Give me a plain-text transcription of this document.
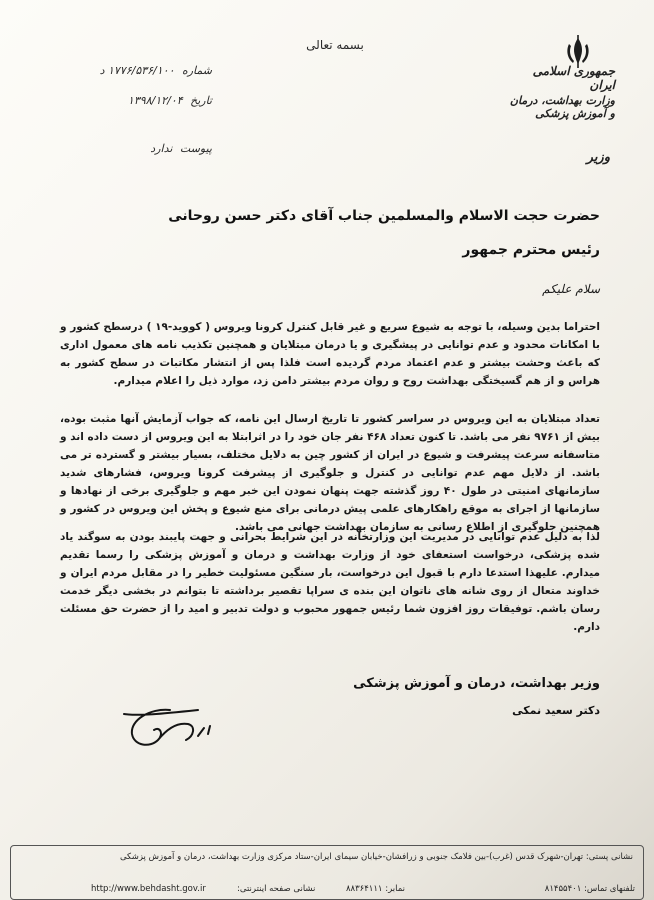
بسمه تعالی
شماره ۱۷۷۶/۵۳۶/۱۰۰ د
تاریخ ۱۳۹۸/۱۲/۰۴
پیوست ندارد
جمهوری اسلامی ایران
وزارت بهداشت، درمان و آموزش پزشکی
وزیر
حضرت حجت الاسلام والمسلمین جناب آقای دکتر حسن روحانی
رئیس محترم جمهور
سلام علیکم
احتراما بدین وسیله، با توجه به شیوع سریع و غیر قابل کنترل کرونا ویروس ( کووید-۱۹ ) درسطح کشور و با امکانات محدود و عدم توانایی در پیشگیری و یا درمان مبتلایان و همچنین تکذیب نامه های معمول اداری که باعث وحشت بیشتر و عدم اعتماد مردم گردیده است فلذا پس از انتشار مکاتبات در سطح کشور به هراس و از هم گسیختگی بهداشت روح و روان مردم بیشتر دامن زد، موارد ذیل را اعلام میدارم.
تعداد مبتلایان به این ویروس در سراسر کشور تا تاریخ ارسال این نامه، که جواب آزمایش آنها مثبت بوده، بیش از ۹۷۶۱ نفر می باشد. تا کنون تعداد ۴۶۸ نفر جان خود را در اثرابتلا به این ویروس از دست داده اند و متاسفانه سرعت پیشرفت و شیوع در ایران از کشور چین به دلایل مختلف، بسیار بیشتر و گسترده تر می باشد. از دلایل مهم عدم توانایی در کنترل و جلوگیری از پیشرفت کرونا ویروس، فشارهای شدید سازمانهای امنیتی در طول ۴۰ روز گذشته جهت پنهان نمودن این خبر مهم و جلوگیری برخی از نهادها و سازمانها از اجرای به موقع راهکارهای علمی پیش درمانی برای منع شیوع و پخش این ویروس در کشور و همچنین جلوگیری از اطلاع رسانی به سازمان بهداشت جهانی می باشد.
لذا به دلیل عدم توانایی در مدیریت این وزارتخانه در این شرایط بحرانی و جهت پایبند بودن به سوگند یاد شده پزشکی، درخواست استعفای خود از وزارت بهداشت و درمان و آموزش پزشکی را رسما تقدیم میدارم. علیهذا استدعا دارم با قبول این درخواست، بار سنگین مسئولیت خطیر را در مقابل مردم ایران و خداوند متعال از روی شانه های ناتوان این بنده ی سراپا تقصیر برداشته تا بتوانم در بخشی دیگر خدمت رسان باشم. توفیقات روز افزون شما رئیس جمهور محبوب و دولت تدبیر و امید را از حضرت حق مسئلت دارم.
وزیر بهداشت، درمان و آموزش پزشکی
دکتر سعید نمکی
نشانی پستی: تهران-شهرک قدس (غرب)-بین فلامک جنوبی و زرافشان-خیابان سیمای ایران-ستاد مرکزی وزارت بهداشت، درمان و آموزش پزشکی
تلفنهای تماس: ۸۱۴۵۵۴۰۱
نمابر: ۸۸۳۶۴۱۱۱
نشانی صفحه اینترنتی:
http://www.behdasht.gov.ir
